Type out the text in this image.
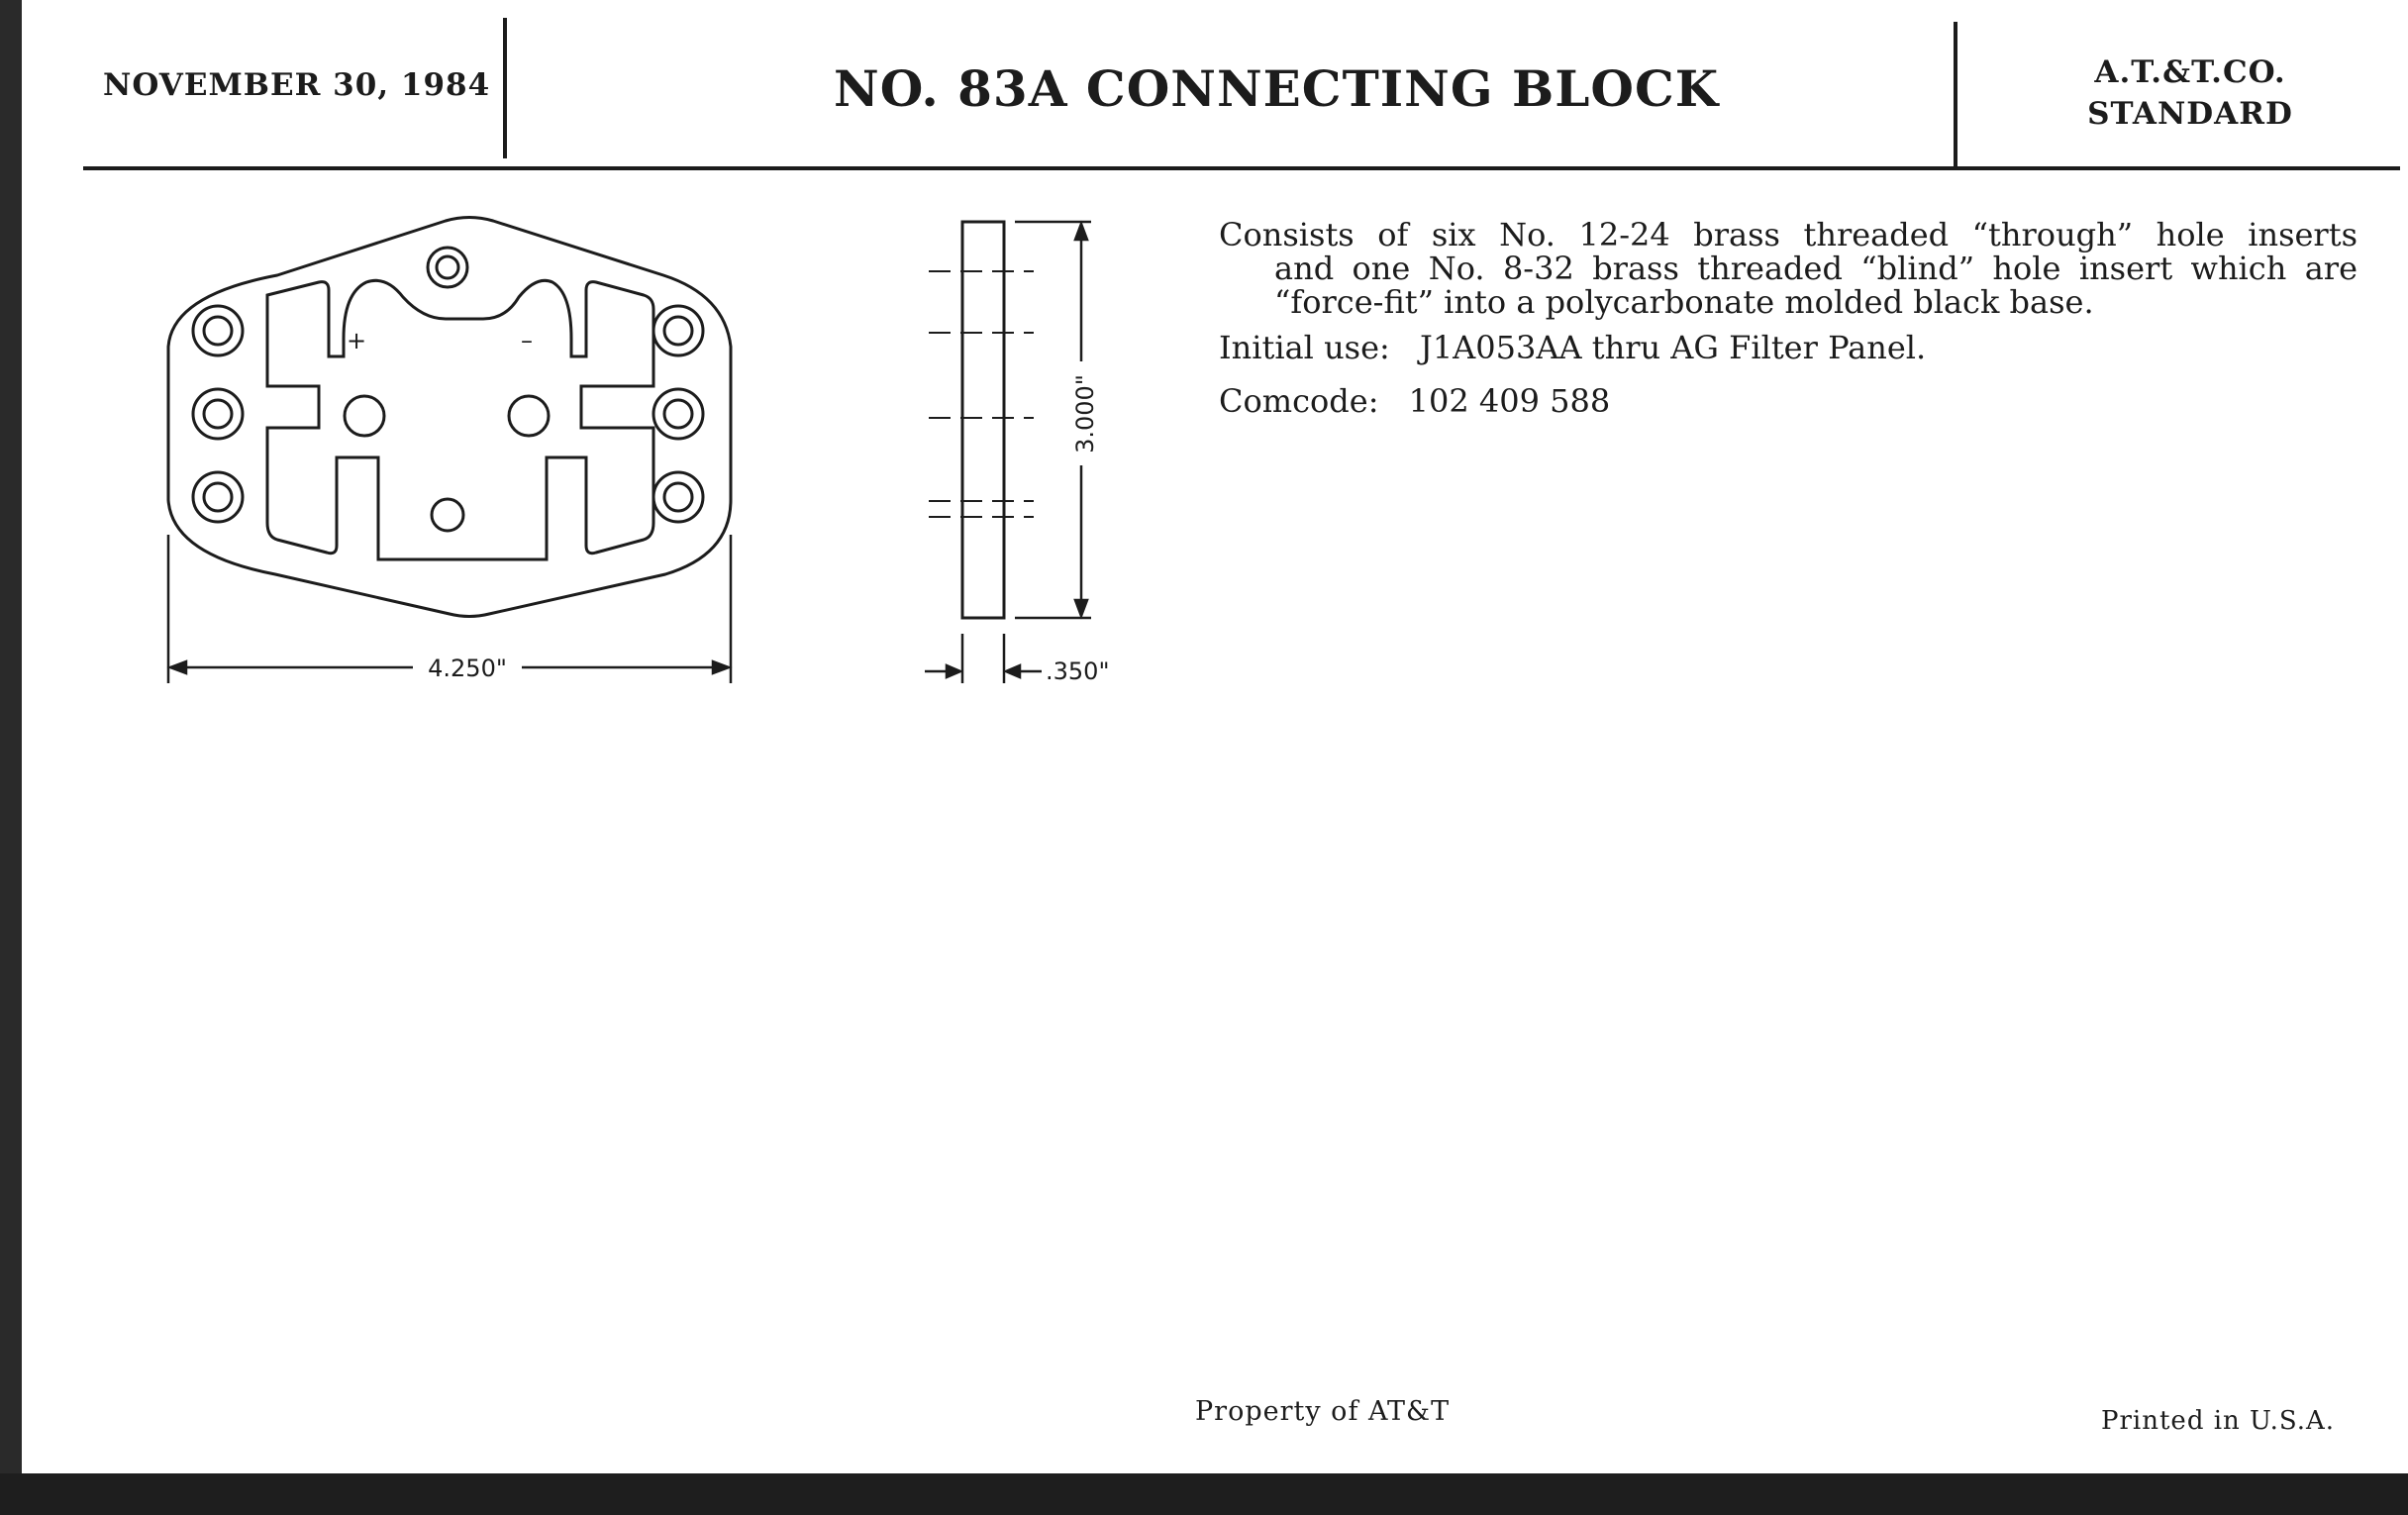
NOVEMBER 30, 1984	NO. 83A CONNECTING BLOCK	A.T.&T.CO.
STANDARD
+	–
4.250"
3.000"
.350"
Consists of six No. 12-24 brass threaded “through” hole inserts
and one No. 8-32 brass threaded “blind” hole insert which are
“force-fit” into a polycarbonate molded black base.
Initial use: J1A053AA thru AG Filter Panel.
Comcode: 102 409 588
Property of AT&T	Printed in U.S.A.
